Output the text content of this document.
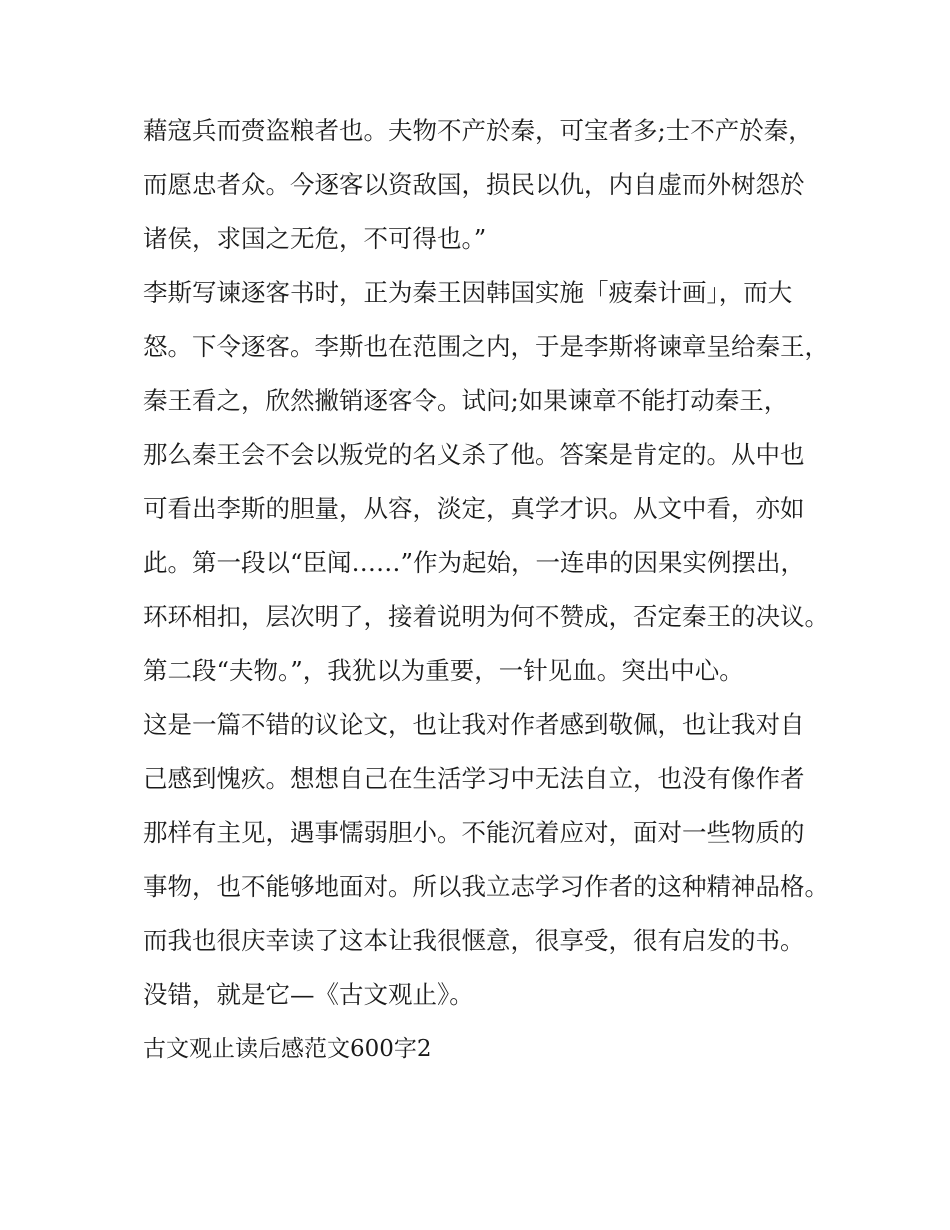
藉寇兵而赍盗粮者也。夫物不产於秦，可宝者多;士不产於秦，

而愿忠者众。今逐客以资敌国，损民以仇，内自虚而外树怨於

诸侯，求国之无危，不可得也。”

李斯写谏逐客书时，正为秦王因韩国实施「疲秦计画」，而大

怒。下令逐客。李斯也在范围之内，于是李斯将谏章呈给秦王，

秦王看之，欣然撇销逐客令。试问;如果谏章不能打动秦王，

那么秦王会不会以叛党的名义杀了他。答案是肯定的。从中也

可看出李斯的胆量，从容，淡定，真学才识。从文中看，亦如

此。第一段以“臣闻……”作为起始，一连串的因果实例摆出，

环环相扣，层次明了，接着说明为何不赞成，否定秦王的决议。

第二段“夫物。”，我犹以为重要，一针见血。突出中心。

这是一篇不错的议论文，也让我对作者感到敬佩，也让我对自

己感到愧疚。想想自己在生活学习中无法自立，也没有像作者

那样有主见，遇事懦弱胆小。不能沉着应对，面对一些物质的

事物，也不能够地面对。所以我立志学习作者的这种精神品格。

而我也很庆幸读了这本让我很惬意，很享受，很有启发的书。

没错，就是它—《古文观止》。

古文观止读后感范文600字2
